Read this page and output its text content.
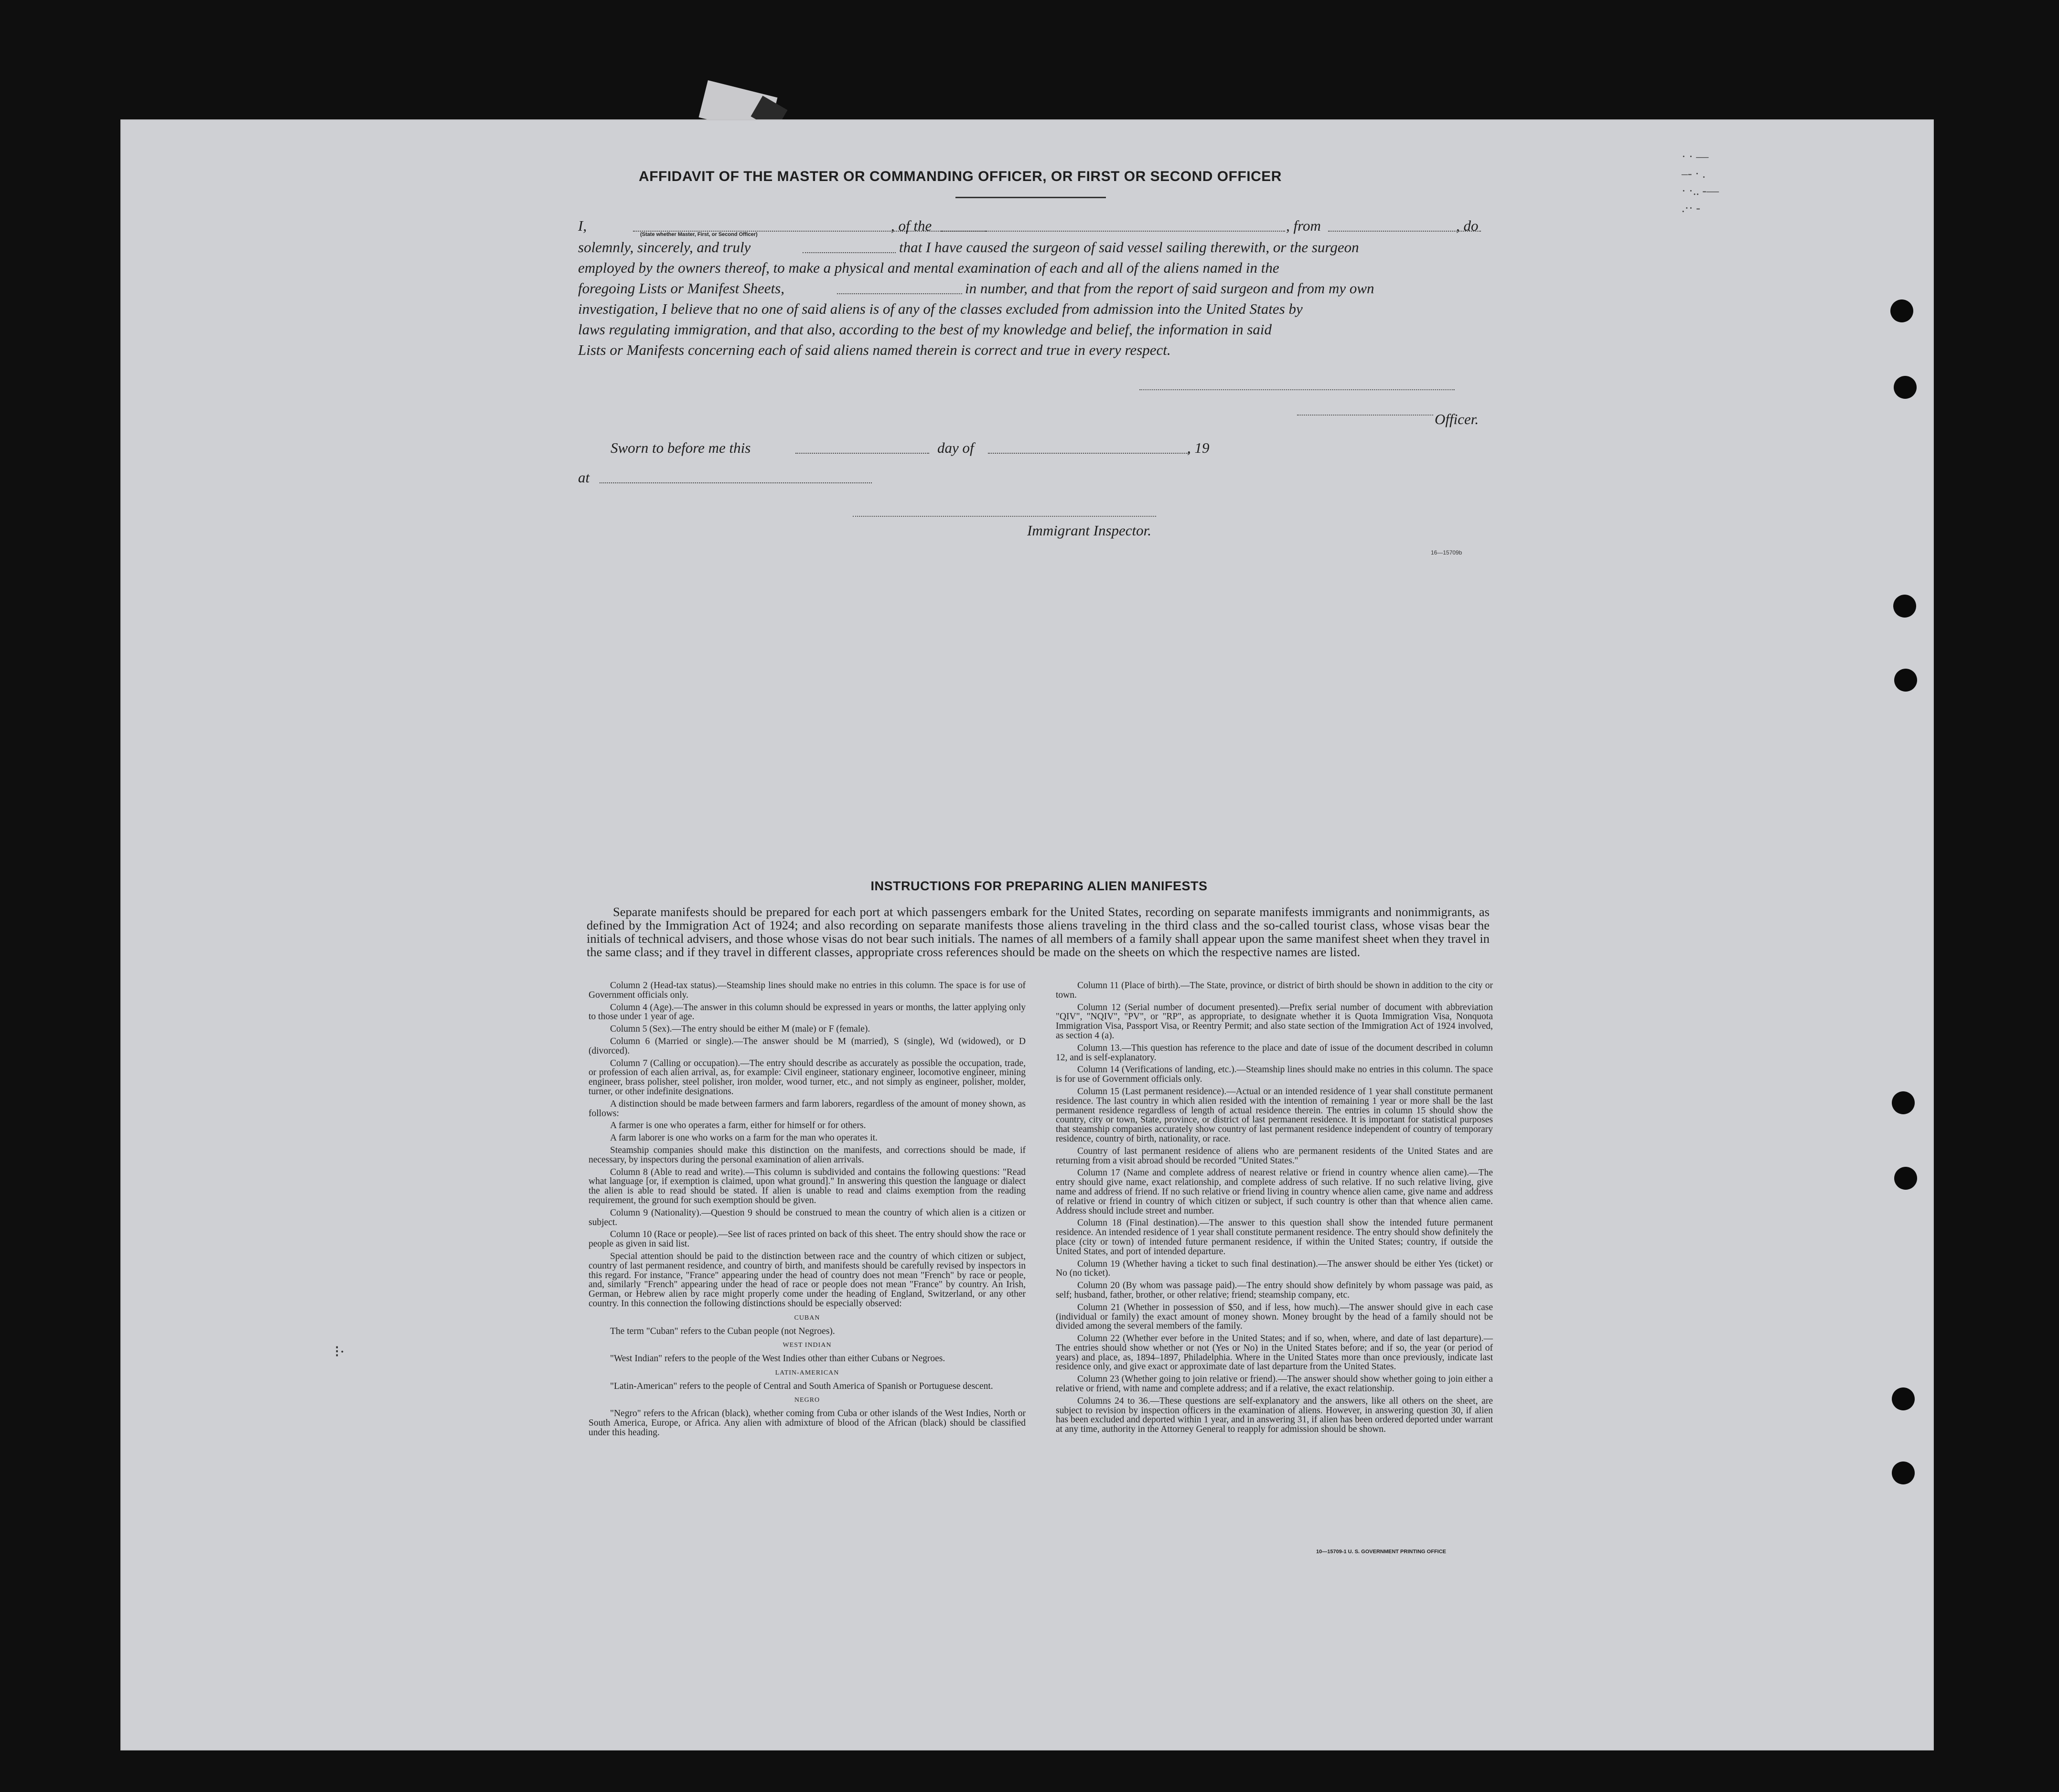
· · —
–‑ · .
· ·.. ‑—
.·· ‑
⁝·
AFFIDAVIT OF THE MASTER OR COMMANDING OFFICER, OR FIRST OR SECOND OFFICER
I,	, of the	, from	, do
(State whether Master, First, or Second Officer)
solemnly, sincerely, and truly	that I have caused the surgeon of said vessel sailing therewith, or the surgeon
employed by the owners thereof, to make a physical and mental examination of each and all of the aliens named in the
foregoing Lists or Manifest Sheets,	in number, and that from the report of said surgeon and from my own
investigation, I believe that no one of said aliens is of any of the classes excluded from admission into the United States by
laws regulating immigration, and that also, according to the best of my knowledge and belief, the information in said
Lists or Manifests concerning each of said aliens named therein is correct and true in every respect.
Officer.
Sworn to before me this	day of	, 19
at
Immigrant Inspector.
16—15709b
INSTRUCTIONS FOR PREPARING ALIEN MANIFESTS
Separate manifests should be prepared for each port at which passengers embark for the United States, recording on separate manifests immigrants and nonimmigrants, as defined by the Immigration Act of 1924; and also recording on separate manifests those aliens traveling in the third class and the so-called tourist class, whose visas bear the initials of technical advisers, and those whose visas do not bear such initials. The names of all members of a family shall appear upon the same manifest sheet when they travel in the same class; and if they travel in different classes, appropriate cross references should be made on the sheets on which the respective names are listed.

Column 2 (Head-tax status).—Steamship lines should make no entries in this column. The space is for use of Government officials only.

Column 4 (Age).—The answer in this column should be expressed in years or months, the latter applying only to those under 1 year of age.

Column 5 (Sex).—The entry should be either M (male) or F (female).

Column 6 (Married or single).—The answer should be M (married), S (single), Wd (widowed), or D (divorced).

Column 7 (Calling or occupation).—The entry should describe as accurately as possible the occupation, trade, or profession of each alien arrival, as, for example: Civil engineer, stationary engineer, locomotive engineer, mining engineer, brass polisher, steel polisher, iron molder, wood turner, etc., and not simply as engineer, polisher, molder, turner, or other indefinite designations.

A distinction should be made between farmers and farm laborers, regardless of the amount of money shown, as follows:

A farmer is one who operates a farm, either for himself or for others.

A farm laborer is one who works on a farm for the man who operates it.

Steamship companies should make this distinction on the manifests, and corrections should be made, if necessary, by inspectors during the personal examination of alien arrivals.

Column 8 (Able to read and write).—This column is subdivided and contains the following questions: "Read what language [or, if exemption is claimed, upon what ground]." In answering this question the language or dialect the alien is able to read should be stated. If alien is unable to read and claims exemption from the reading requirement, the ground for such exemption should be given.

Column 9 (Nationality).—Question 9 should be construed to mean the country of which alien is a citizen or subject.

Column 10 (Race or people).—See list of races printed on back of this sheet. The entry should show the race or people as given in said list.

Special attention should be paid to the distinction between race and the country of which citizen or subject, country of last permanent residence, and country of birth, and manifests should be carefully revised by inspectors in this regard. For instance, "France" appearing under the head of country does not mean "French" by race or people, and, similarly "French" appearing under the head of race or people does not mean "France" by country. An Irish, German, or Hebrew alien by race might properly come under the heading of England, Switzerland, or any other country. In this connection the following distinctions should be especially observed:

CUBAN

The term "Cuban" refers to the Cuban people (not Negroes).

WEST INDIAN

"West Indian" refers to the people of the West Indies other than either Cubans or Negroes.

LATIN-AMERICAN

"Latin-American" refers to the people of Central and South America of Spanish or Portuguese descent.

NEGRO

"Negro" refers to the African (black), whether coming from Cuba or other islands of the West Indies, North or South America, Europe, or Africa. Any alien with admixture of blood of the African (black) should be classified under this heading.

Column 11 (Place of birth).—The State, province, or district of birth should be shown in addition to the city or town.

Column 12 (Serial number of document presented).—Prefix serial number of document with abbreviation "QIV", "NQIV", "PV", or "RP", as appropriate, to designate whether it is Quota Immigration Visa, Nonquota Immigration Visa, Passport Visa, or Reentry Permit; and also state section of the Immigration Act of 1924 involved, as section 4 (a).

Column 13.—This question has reference to the place and date of issue of the document described in column 12, and is self-explanatory.

Column 14 (Verifications of landing, etc.).—Steamship lines should make no entries in this column. The space is for use of Government officials only.

Column 15 (Last permanent residence).—Actual or an intended residence of 1 year shall constitute permanent residence. The last country in which alien resided with the intention of remaining 1 year or more shall be the last permanent residence regardless of length of actual residence therein. The entries in column 15 should show the country, city or town, State, province, or district of last permanent residence. It is important for statistical purposes that steamship companies accurately show country of last permanent residence independent of country of temporary residence, country of birth, nationality, or race.

Country of last permanent residence of aliens who are permanent residents of the United States and are returning from a visit abroad should be recorded "United States."

Column 17 (Name and complete address of nearest relative or friend in country whence alien came).—The entry should give name, exact relationship, and complete address of such relative. If no such relative living, give name and address of friend. If no such relative or friend living in country whence alien came, give name and address of relative or friend in country of which citizen or subject, if such country is other than that whence alien came. Address should include street and number.

Column 18 (Final destination).—The answer to this question shall show the intended future permanent residence. An intended residence of 1 year shall constitute permanent residence. The entry should show definitely the place (city or town) of intended future permanent residence, if within the United States; country, if outside the United States, and port of intended departure.

Column 19 (Whether having a ticket to such final destination).—The answer should be either Yes (ticket) or No (no ticket).

Column 20 (By whom was passage paid).—The entry should show definitely by whom passage was paid, as self; husband, father, brother, or other relative; friend; steamship company, etc.

Column 21 (Whether in possession of $50, and if less, how much).—The answer should give in each case (individual or family) the exact amount of money shown. Money brought by the head of a family should not be divided among the several members of the family.

Column 22 (Whether ever before in the United States; and if so, when, where, and date of last departure).—The entries should show whether or not (Yes or No) in the United States before; and if so, the year (or period of years) and place, as, 1894–1897, Philadelphia. Where in the United States more than once previously, indicate last residence only, and give exact or approximate date of last departure from the United States.

Column 23 (Whether going to join relative or friend).—The answer should show whether going to join either a relative or friend, with name and complete address; and if a relative, the exact relationship.

Columns 24 to 36.—These questions are self-explanatory and the answers, like all others on the sheet, are subject to revision by inspection officers in the examination of aliens. However, in answering question 30, if alien has been excluded and deported within 1 year, and in answering 31, if alien has been ordered deported under warrant at any time, authority in the Attorney General to reapply for admission should be shown.

10—15709-1 U. S. GOVERNMENT PRINTING OFFICE
